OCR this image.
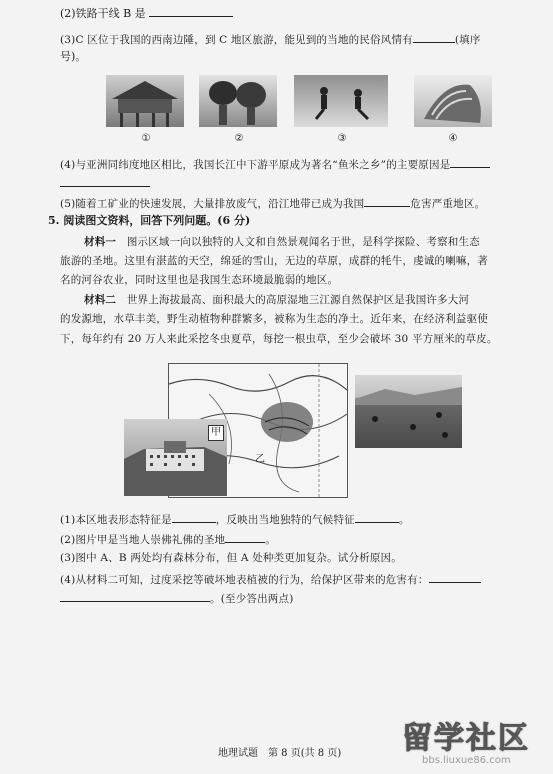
(2)铁路干线 B 是
(3)C 区位于我国的西南边陲，到 C 地区旅游，能见到的当地的民俗风情有	(填序
号)。
①	②	③	④
(4)与亚洲同纬度地区相比，我国长江中下游平原成为著名“鱼米之乡”的主要原因是
(5)随着工矿业的快速发展，大量排放废气，沿江地带已成为我国	危害严重地区。
5. 阅读图文资料，回答下列问题。(6 分)
材料一　 图示区域一向以独特的人文和自然景观闻名于世，是科学探险、考察和生态
旅游的圣地。这里有湛蓝的天空，绵延的雪山，无边的草原，成群的牦牛，虔诚的喇嘛，著
名的河谷农业，同时这里也是我国生态环境最脆弱的地区。
材料二　 世界上海拔最高、面积最大的高原湿地三江源自然保护区是我国许多大河
的发源地，水草丰美，野生动植物种群繁多，被称为生态的净土。近年来，在经济利益驱使
下，每年约有 20 万人来此采挖冬虫夏草，每挖一根虫草，至少会破坏 30 平方厘米的草皮。
乙
甲
(1)本区地表形态特征是	，反映出当地独特的气候特征	。
(2)图片甲是当地人崇佛礼佛的圣地	。
(3)图中 A、B 两处均有森林分布，但 A 处种类更加复杂。试分析原因。
(4)从材料二可知，过度采挖等破坏地表植被的行为，给保护区带来的危害有：
。(至少答出两点)
地理试题　第 8 页(共 8 页) 留学社区
bbs.liuxue86.com
